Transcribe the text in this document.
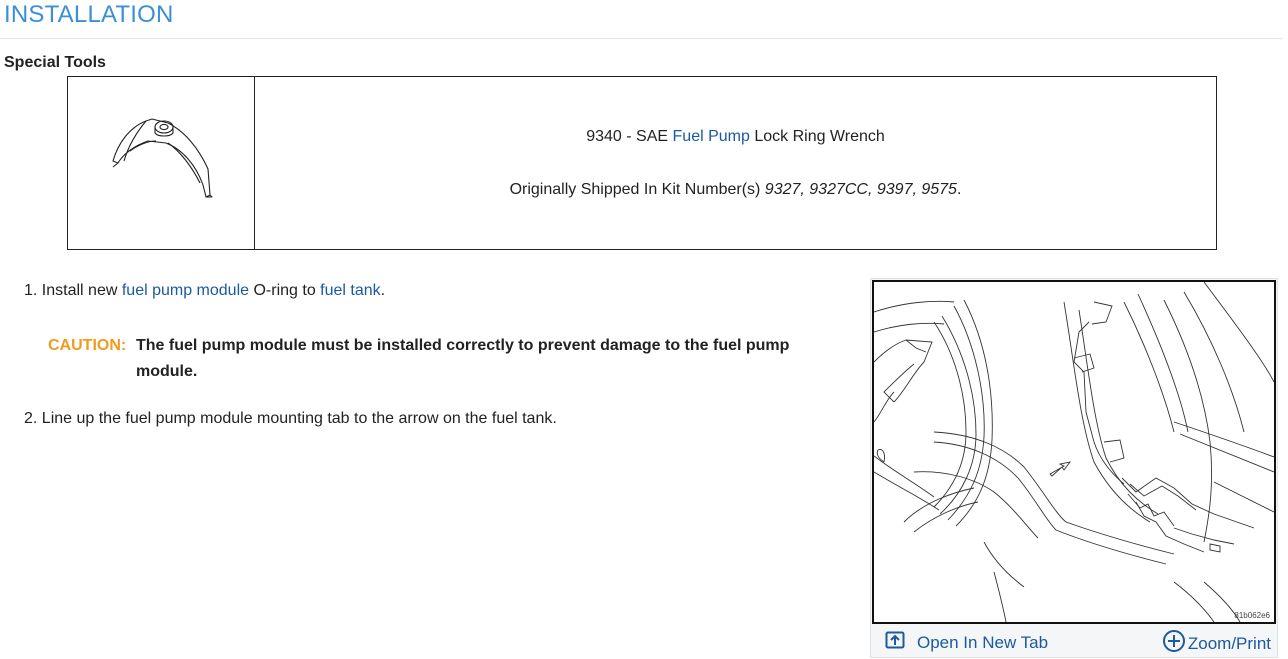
INSTALLATION
Special Tools
9340 - SAE Fuel Pump Lock Ring Wrench
Originally Shipped In Kit Number(s) 9327, 9327CC, 9397, 9575.
1. Install new fuel pump module O-ring to fuel tank.
CAUTION: The fuel pump module must be installed correctly to prevent damage to the fuel pump module.
2. Line up the fuel pump module mounting tab to the arrow on the fuel tank.
81b062e6
Open In New Tab	Zoom/Print
